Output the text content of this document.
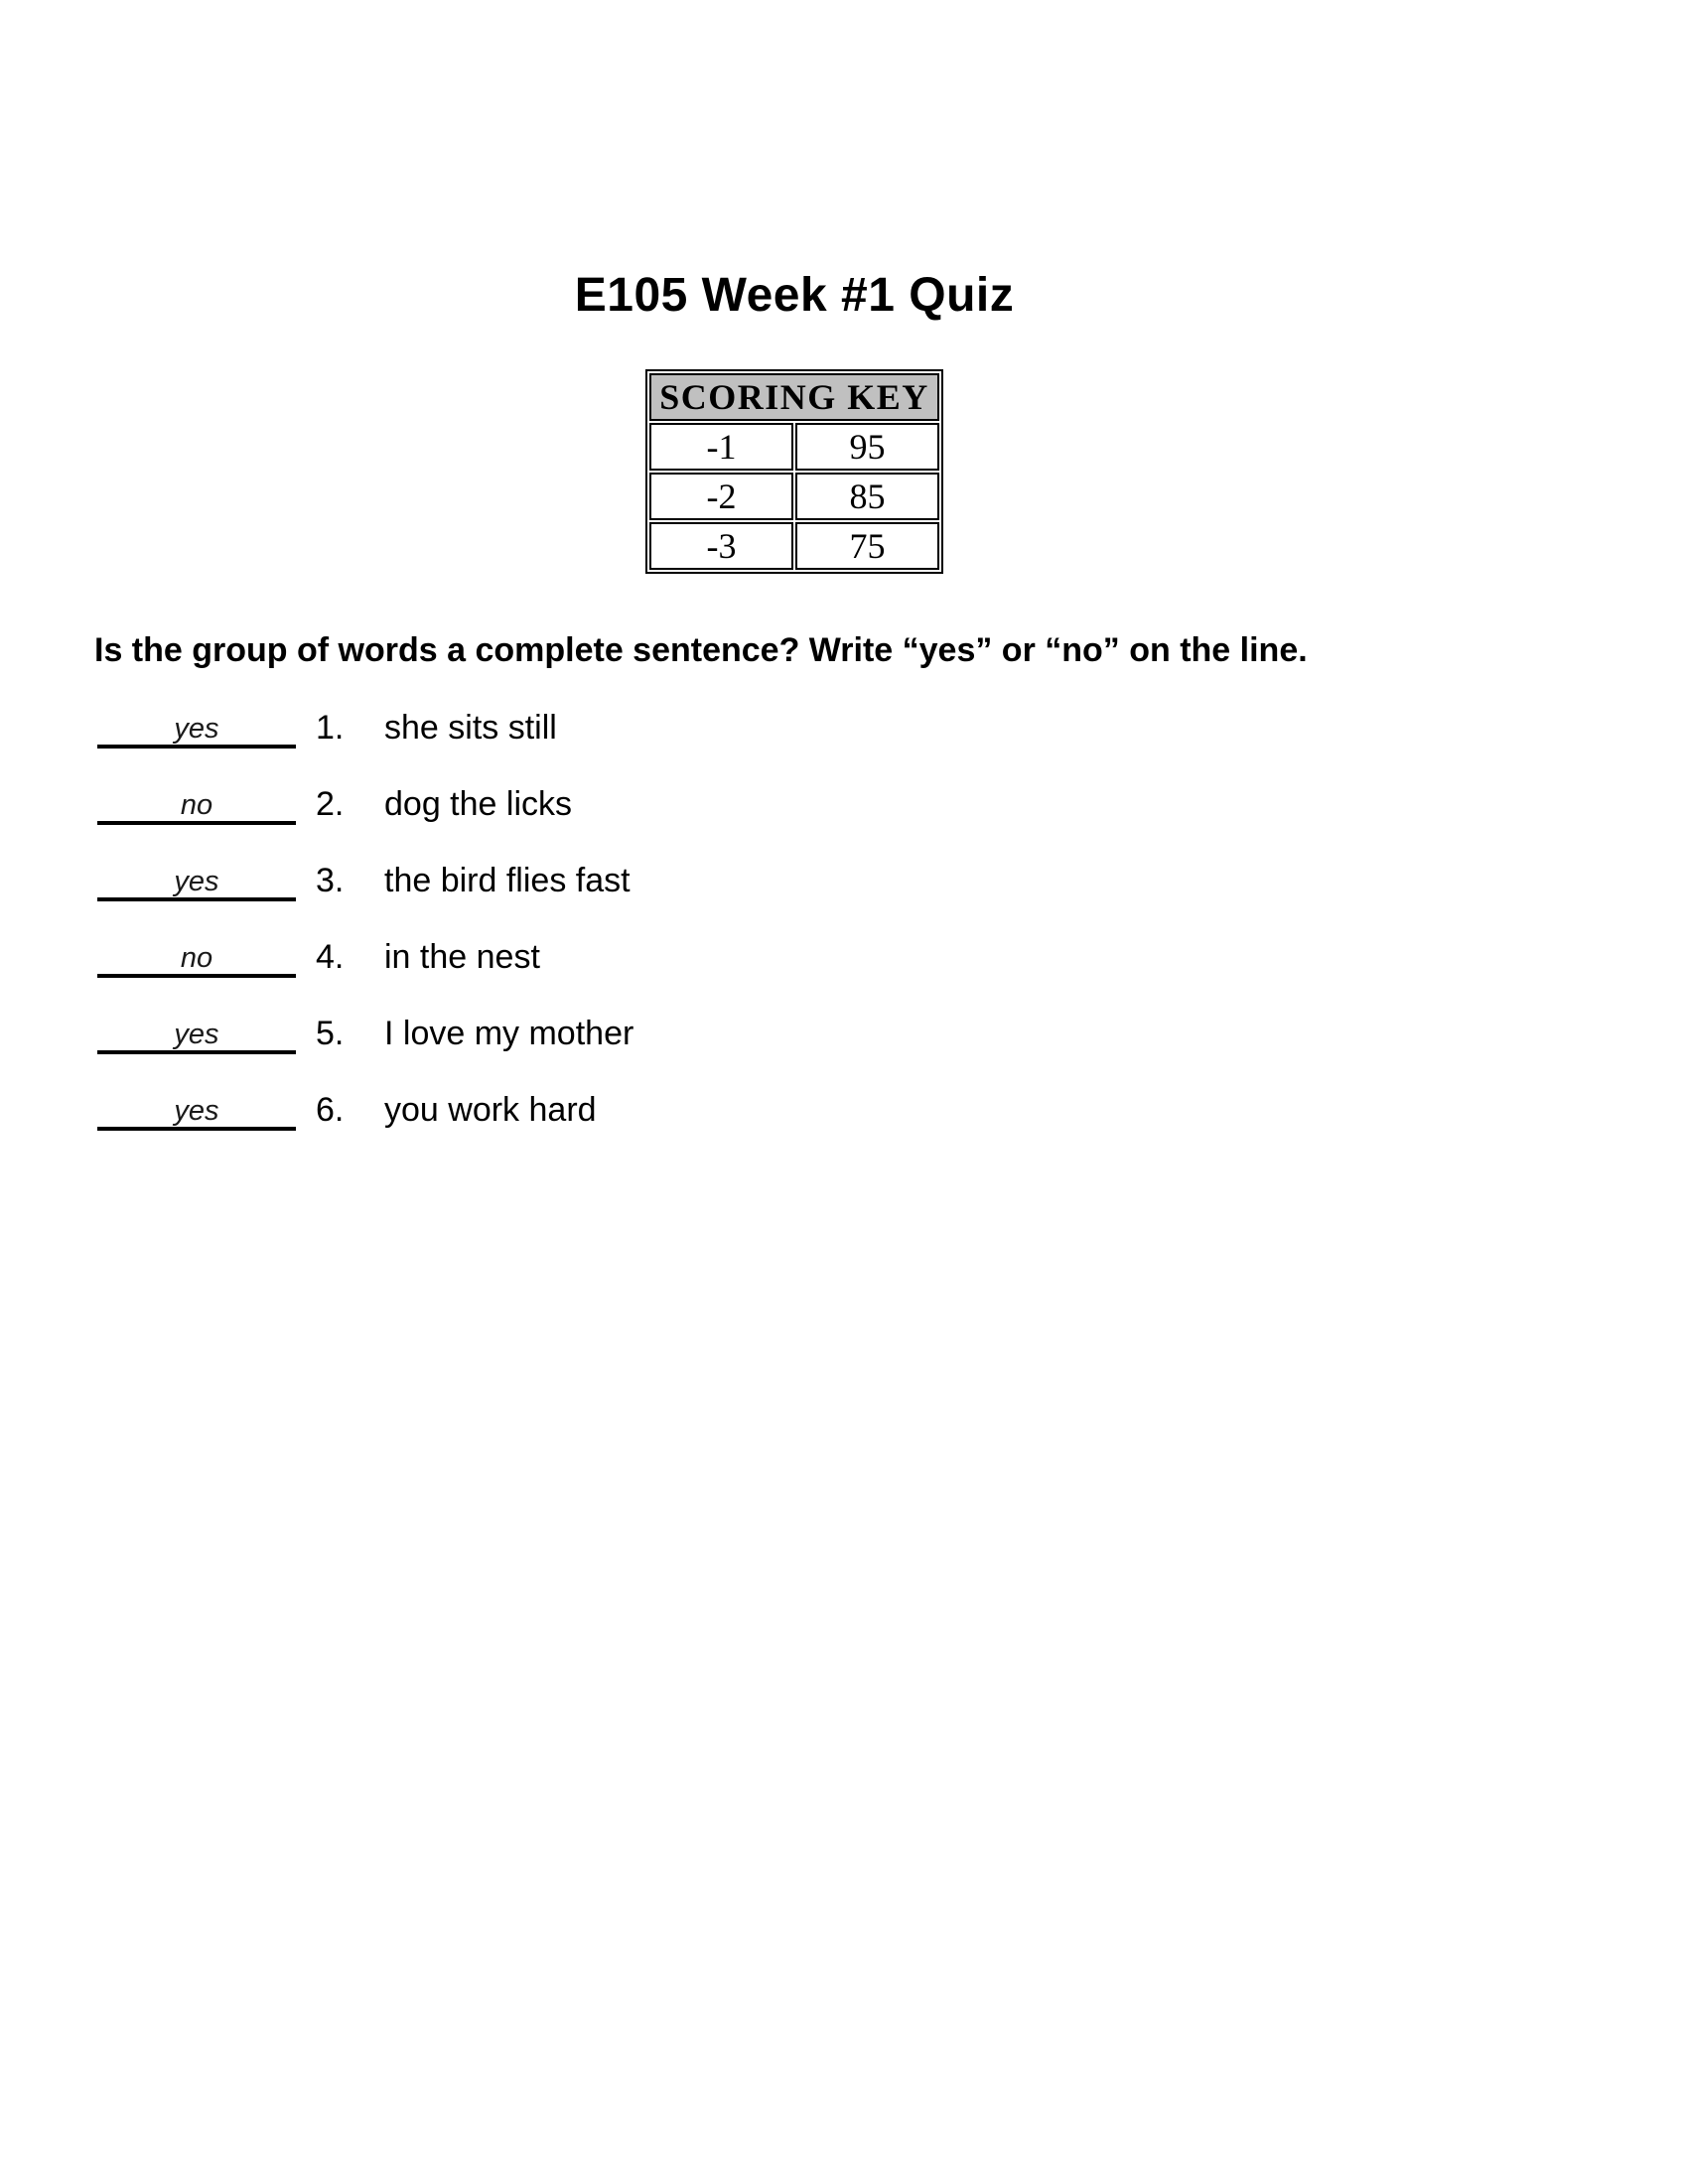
E105 Week #1 Quiz
SCORING KEY	
-1	95
-2	85
-3	75

Is the group of words a complete sentence? Write “yes” or “no” on the line.

yes	1.	she sits still
no	2.	dog the licks
yes	3.	the bird flies fast
no	4.	in the nest
yes	5.	I love my mother
yes	6.	you work hard
